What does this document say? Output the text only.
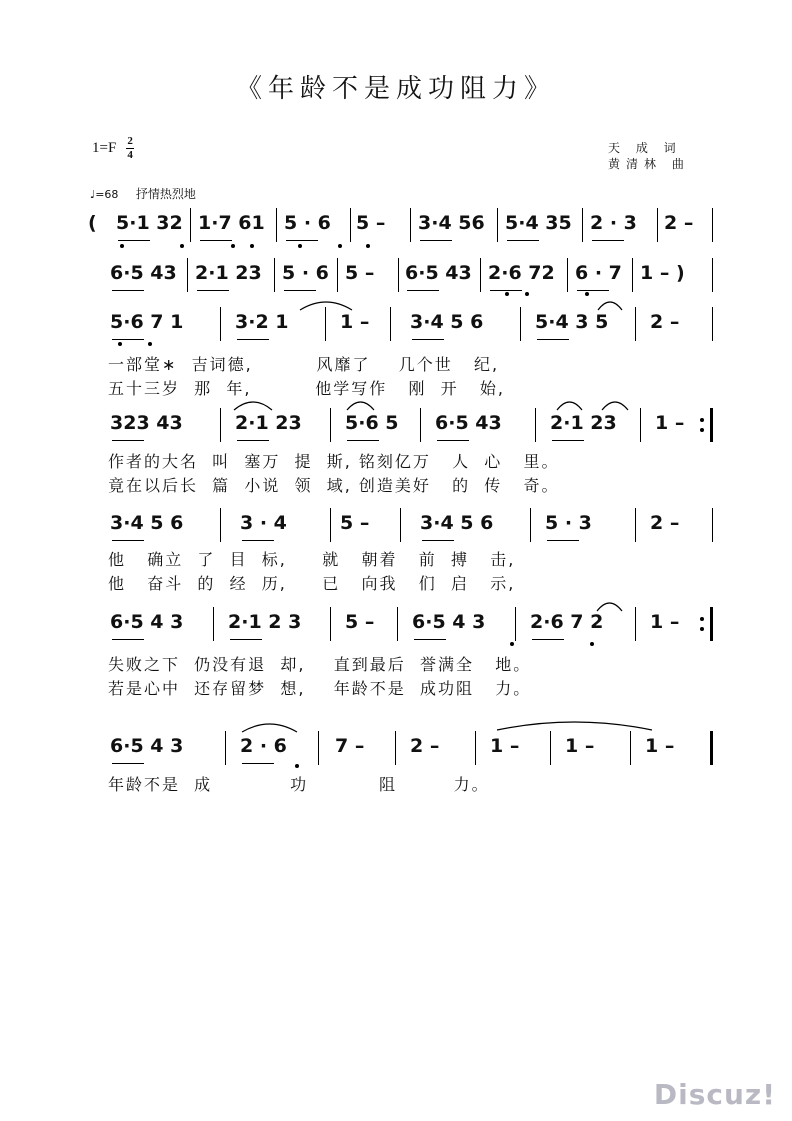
《年龄不是成功阻力》
$1=F \frac{2}{4}$	天 成 词
黄清林 曲
♩=68 抒情热烈地
( 5·1 32 1·7 61 5 · 6 5 – 3·4 56 5·4 35 2 · 3 2 –
6·5 43 2·1 23 5 · 6 5 – 6·5 43 2·6 72 6 · 7 1 – )
5·6 7 1	3·2 1	1 – 3·4 5 6	5·4 3 5 2 –
一部堂∗  吉词德,         风靡了    几个世   纪,
五十三岁  那  年,         他学写作   刚  开   始,
323 43	2·1 23 5·6 5 6·5 43	2·1 23 1 –
作者的大名  叫  塞万  提  斯, 铭刻亿万   人  心   里。
竟在以后长  篇  小说  领  域, 创造美好   的  传   奇。
3·4 5 6	3 · 4	5 –	3·4 5 6	5 · 3	2 –
他   确立  了  目  标,     就   朝着   前  搏   击,
他   奋斗  的  经  历,     已   向我   们  启   示,
6·5 4 3 2·1 2 3 5 – 6·5 4 3 2·6 7 2 1 –
失败之下  仍没有退  却,    直到最后  誉满全   地。
若是心中  还存留梦  想,    年龄不是  成功阻   力。
6·5 4 3	2 · 6	7 – 2 –	1 – 1 –	1 –
年龄不是  成           功          阻        力。
Discuz!
